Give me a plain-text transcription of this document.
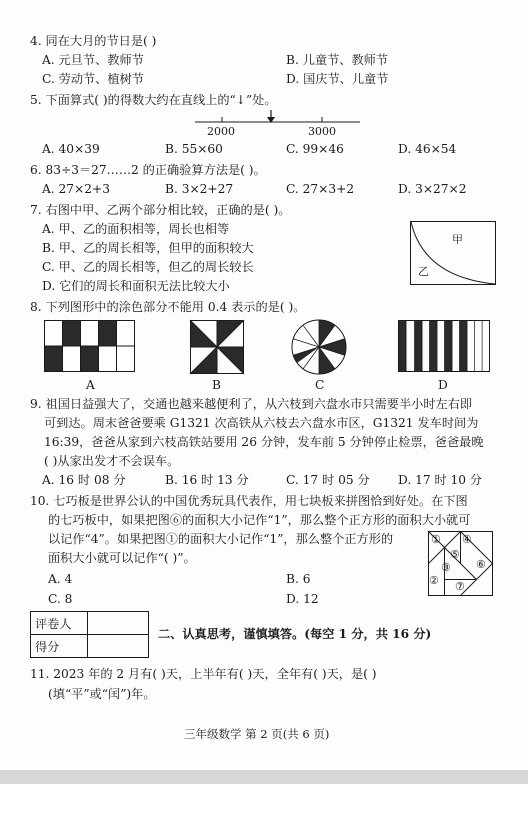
4. 同在大月的节日是( )
A. 元旦节、教师节	B. 儿童节、教师节
C. 劳动节、植树节	D. 国庆节、儿童节
5. 下面算式( )的得数大约在直线上的“↓”处。
2000	3000
A. 40×39	B. 55×60	C. 99×46	D. 46×54
6. 83÷3＝27……2 的正确验算方法是( )。
A. 27×2+3	B. 3×2+27	C. 27×3+2	D. 3×27×2
7. 右图中甲、乙两个部分相比较，正确的是( )。
A. 甲、乙的面积相等，周长也相等
B. 甲、乙的周长相等，但甲的面积较大
C. 甲、乙的周长相等，但乙的周长较长
D. 它们的周长和面积无法比较大小
甲
乙
8. 下列图形中的涂色部分不能用 0.4 表示的是( )。
A	B	C	D
9. 祖国日益强大了，交通也越来越便利了，从六枝到六盘水市只需要半小时左右即
可到达。周末爸爸要乘 G1321 次高铁从六枝去六盘水市区，G1321 发车时间为
16:39，爸爸从家到六枝高铁站要用 26 分钟，发车前 5 分钟停止检票，爸爸最晚
( )从家出发才不会误车。
A. 16 时 08 分	B. 16 时 13 分	C. 17 时 05 分 D. 17 时 10 分
10. 七巧板是世界公认的中国优秀玩具代表作，用七块板来拼图恰到好处。在下图
的七巧板中，如果把图⑥的面积大小记作“1”，那么整个正方形的面积大小就可
以记作“4”。如果把图①的面积大小记作“1”，那么整个正方形的
面积大小就可以记作“( )”。
A. 4	B. 6
C. 8	D. 12
① ④
⑤
③ ⑥
② ⑦
评卷人	
得分	
二、认真思考，谨慎填答。(每空 1 分，共 16 分)
11. 2023 年的 2 月有( )天，上半年有( )天，全年有( )天，是( )
(填“平”或“闰”)年。
三年级数学 第 2 页(共 6 页)
